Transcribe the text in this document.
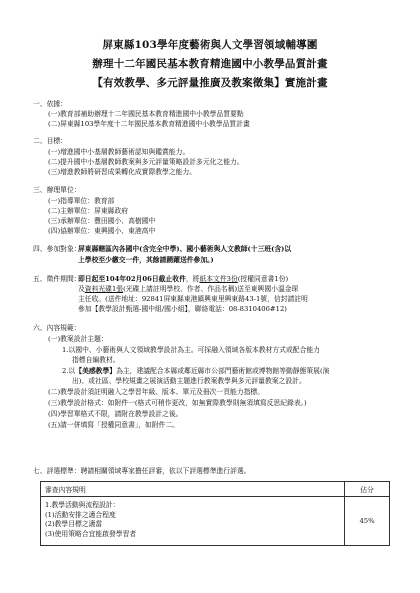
屏東縣103學年度藝術與人文學習領域輔導團
辦理十二年國民基本教育精進國中小教學品質計畫
【有效教學、多元評量推廣及教案徵集】實施計畫
一、依據：
(一)教育部補助辦理十二年國民基本教育精進國中小教學品質要點
(二)屏東縣103學年度十二年國民基本教育精進國中小教學品質計畫
二、目標：
(一)增進國中小基層教師藝術認知與鑑賞能力。
(二)提升國中小基層教師教案與多元評量策略設計多元化之能力。
(三)增進教師將研習成果轉化成實際教學之能力。
三、辦理單位：
(一)指導單位：教育部
(二)主辦單位：屏東縣政府
(三)承辦單位：豐田國小、高樹國中
(四)協辦單位：東興國小、東港高中
四、參加對象：
屏東縣轄區內各國中(含完全中學)、國小藝術與人文教師(十三班(含)以
上學校至少繳交一件，其餘請踴躍送件參加。)
五、徵件期間：
即日起至104年02月06日截止收件，將紙本文件3份(授權同意書1份)
及資料光碟1張(光碟上請註明學校、作者、作品名稱)送至東興國小溫金琛
主任收。(送件地址：92841屏東縣東港鎮興東里興東路43-1號，信封請註明
參加【教學設計甄選-國中組/國小組】，聯絡電話：08-8310406#12)
六、內容規範：
(一)教案設計主題：
1.以國中、小藝術與人文領域教學設計為主。可採融入領域各版本教材方式或配合能力
指標自編教材。
2.以【美感教學】為主，建議配合本縣或鄰近縣市公部門藝術館或博物館等動靜態策展(演
出)、或社區、學校規畫之展演活動主題進行教案教學與多元評量教案之設計。
(二)教學設計須註明融入之學習年級、版本、單元及冊次一頁能力指標。
(三)教學設計格式：如附件一(格式可稍作更改，如無實際教學則無須填寫反思紀錄表。)
(四)學習單格式不限，請附在教學設計之後。
(五)請一併填寫「授權同意書」，如附件二。
七、評選標準：聘請相關領域專家擔任評審，依以下評選標準進行評選。
審查內容規明	佔分

1.教學活動與流程設計：
(1)活動安排之適合程度
(2)教學目標之適當
(3)使用策略合宜能啟發學習者	45%
